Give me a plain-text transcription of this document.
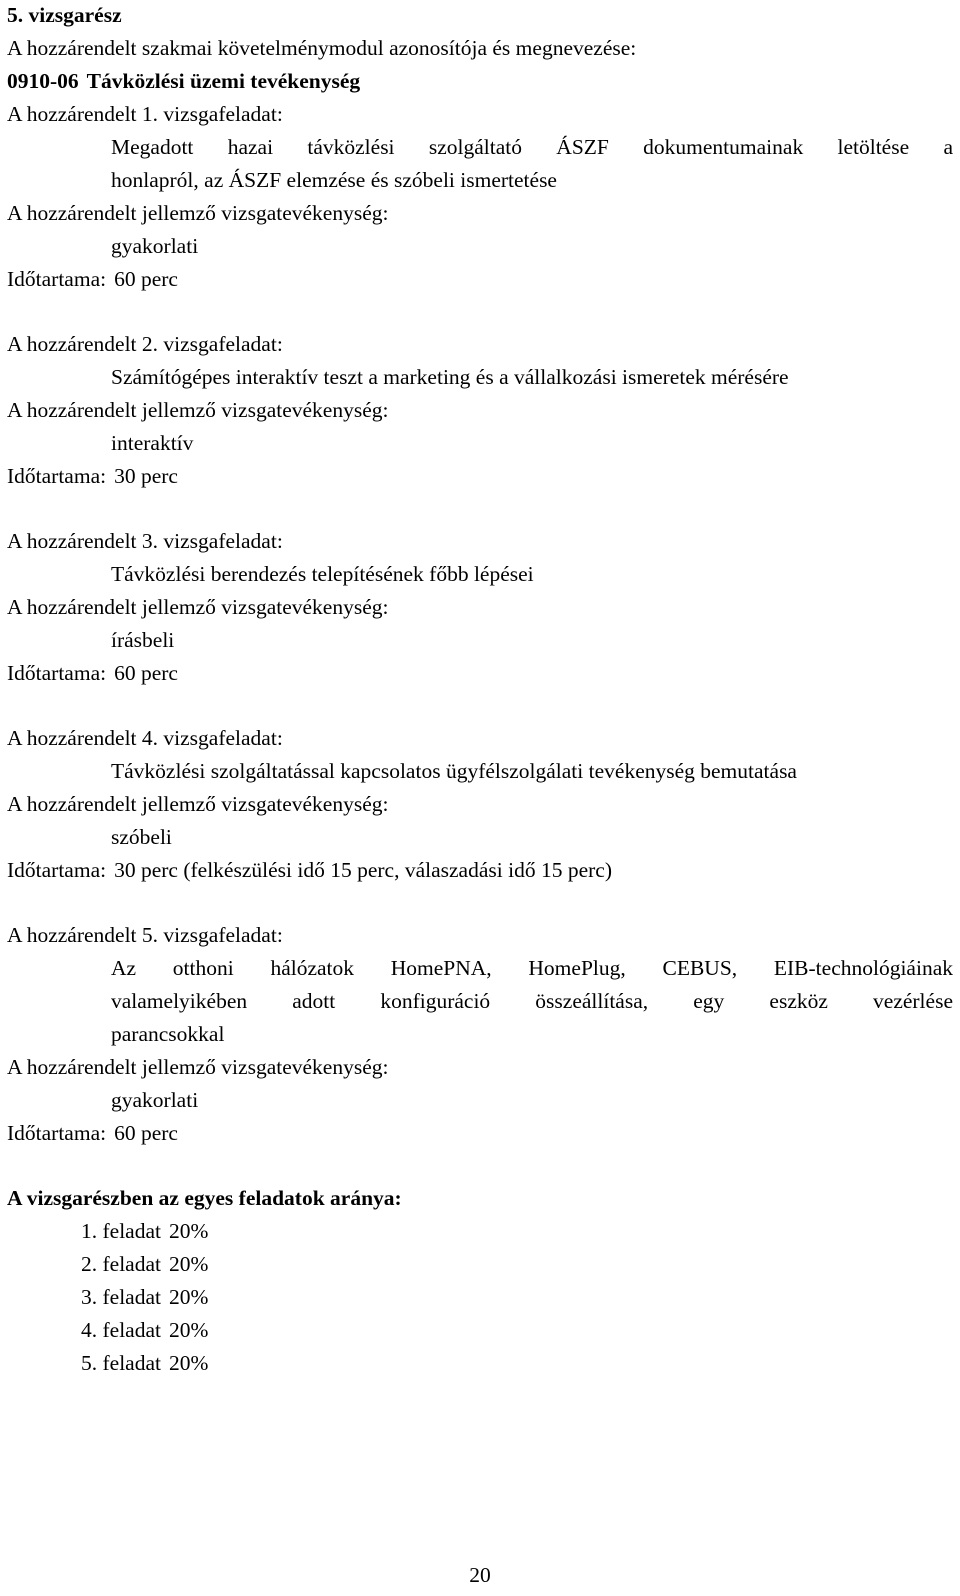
5. vizsgarész
A hozzárendelt szakmai követelménymodul azonosítója és megnevezése:
0910-06 Távközlési üzemi tevékenység
A hozzárendelt 1. vizsgafeladat:
Megadott hazai távközlési szolgáltató ÁSZF dokumentumainak letöltése a
honlapról, az ÁSZF elemzése és szóbeli ismertetése
A hozzárendelt jellemző vizsgatevékenység:
gyakorlati
Időtartama: 60 perc
A hozzárendelt 2. vizsgafeladat:
Számítógépes interaktív teszt a marketing és a vállalkozási ismeretek mérésére
A hozzárendelt jellemző vizsgatevékenység:
interaktív
Időtartama: 30 perc
A hozzárendelt 3. vizsgafeladat:
Távközlési berendezés telepítésének főbb lépései
A hozzárendelt jellemző vizsgatevékenység:
írásbeli
Időtartama: 60 perc
A hozzárendelt 4. vizsgafeladat:
Távközlési szolgáltatással kapcsolatos ügyfélszolgálati tevékenység bemutatása
A hozzárendelt jellemző vizsgatevékenység:
szóbeli
Időtartama: 30 perc (felkészülési idő 15 perc, válaszadási idő 15 perc)
A hozzárendelt 5. vizsgafeladat:
Az otthoni hálózatok HomePNA, HomePlug, CEBUS, EIB-technológiáinak
valamelyikében adott konfiguráció összeállítása, egy eszköz vezérlése
parancsokkal
A hozzárendelt jellemző vizsgatevékenység:
gyakorlati
Időtartama: 60 perc
A vizsgarészben az egyes feladatok aránya:
1. feladat 20%
2. feladat 20%
3. feladat 20%
4. feladat 20%
5. feladat 20%
20
